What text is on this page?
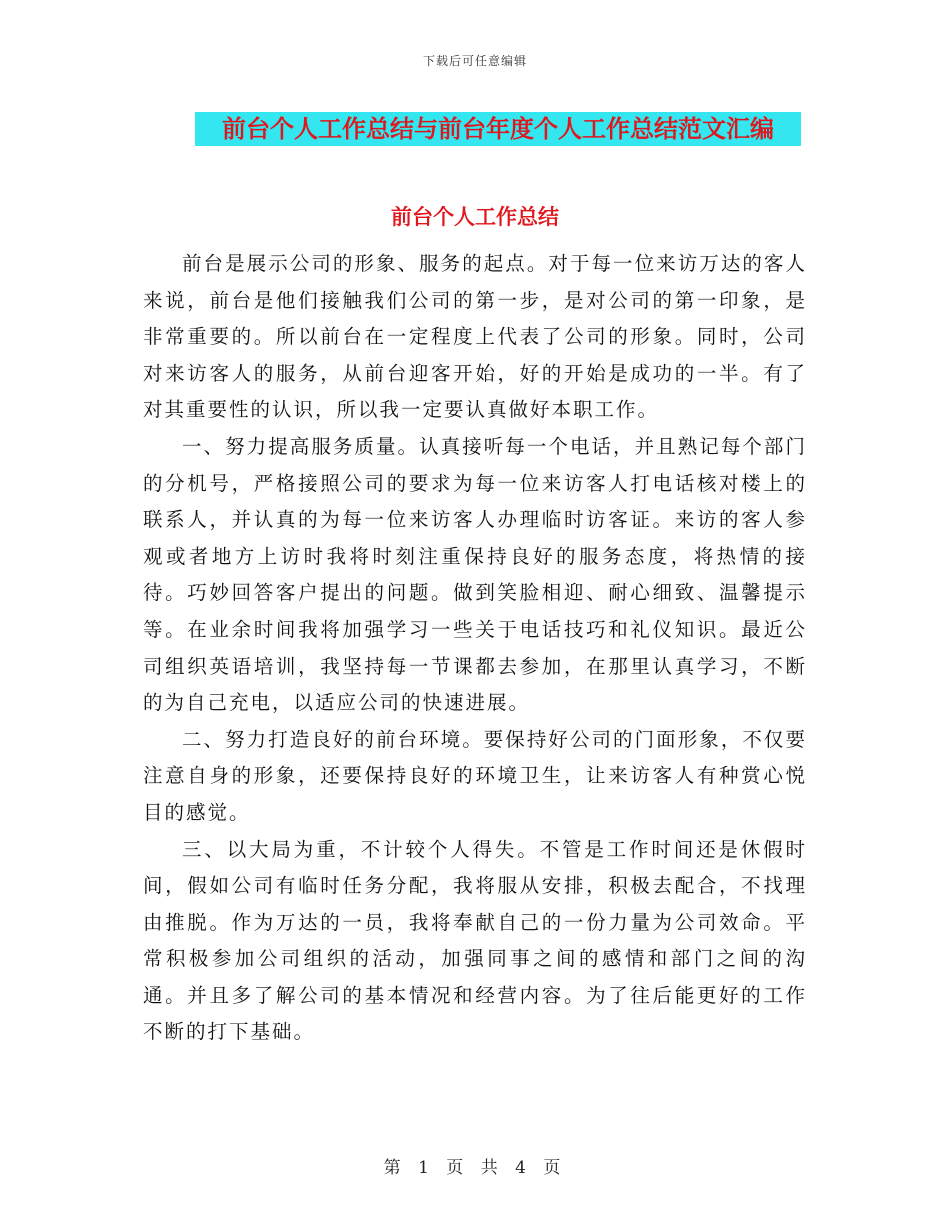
下载后可任意编辑
前台个人工作总结与前台年度个人工作总结范文汇编
前台个人工作总结

前台是展示公司的形象、服务的起点。对于每一位来访万达的客人来说，前台是他们接触我们公司的第一步，是对公司的第一印象，是非常重要的。所以前台在一定程度上代表了公司的形象。同时，公司对来访客人的服务，从前台迎客开始，好的开始是成功的一半。有了对其重要性的认识，所以我一定要认真做好本职工作。

一、努力提高服务质量。认真接听每一个电话，并且熟记每个部门的分机号，严格接照公司的要求为每一位来访客人打电话核对楼上的联系人，并认真的为每一位来访客人办理临时访客证。来访的客人参观或者地方上访时我将时刻注重保持良好的服务态度，将热情的接待。巧妙回答客户提出的问题。做到笑脸相迎、耐心细致、温馨提示等。在业余时间我将加强学习一些关于电话技巧和礼仪知识。最近公司组织英语培训，我坚持每一节课都去参加，在那里认真学习，不断的为自己充电，以适应公司的快速进展。

二、努力打造良好的前台环境。要保持好公司的门面形象，不仅要注意自身的形象，还要保持良好的环境卫生，让来访客人有种赏心悦目的感觉。

三、以大局为重，不计较个人得失。不管是工作时间还是休假时间，假如公司有临时任务分配，我将服从安排，积极去配合，不找理由推脱。作为万达的一员，我将奉献自己的一份力量为公司效命。平常积极参加公司组织的活动，加强同事之间的感情和部门之间的沟通。并且多了解公司的基本情况和经营内容。为了往后能更好的工作不断的打下基础。

第 1 页 共 4 页
